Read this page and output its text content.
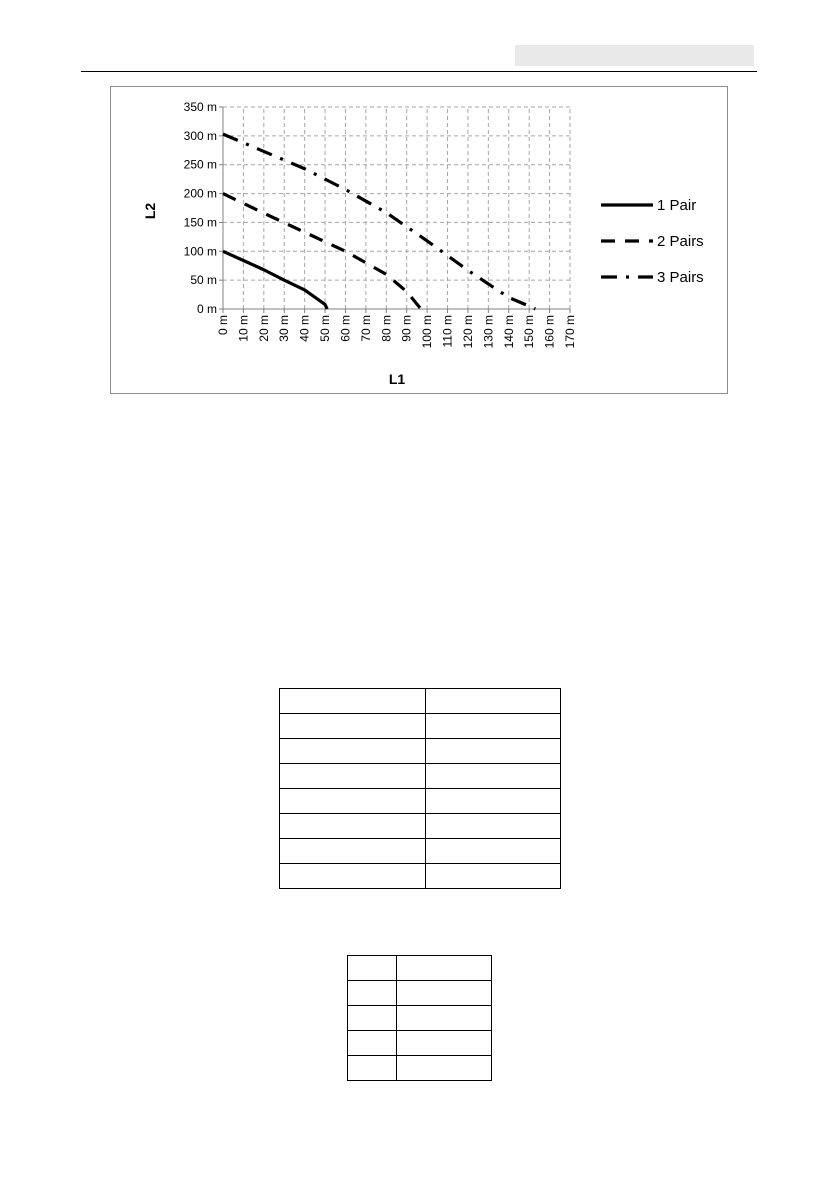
0 m
50 m
100 m
150 m
200 m
250 m
300 m
350 m
0 m 10 m 20 m 30 m 40 m 50 m 60 m 70 m 80 m 90 m 100 m 110 m 120 m 130 m 140 m 150 m 160 m 170 m
L1
L2	1 Pair
2 Pairs
3 Pairs
